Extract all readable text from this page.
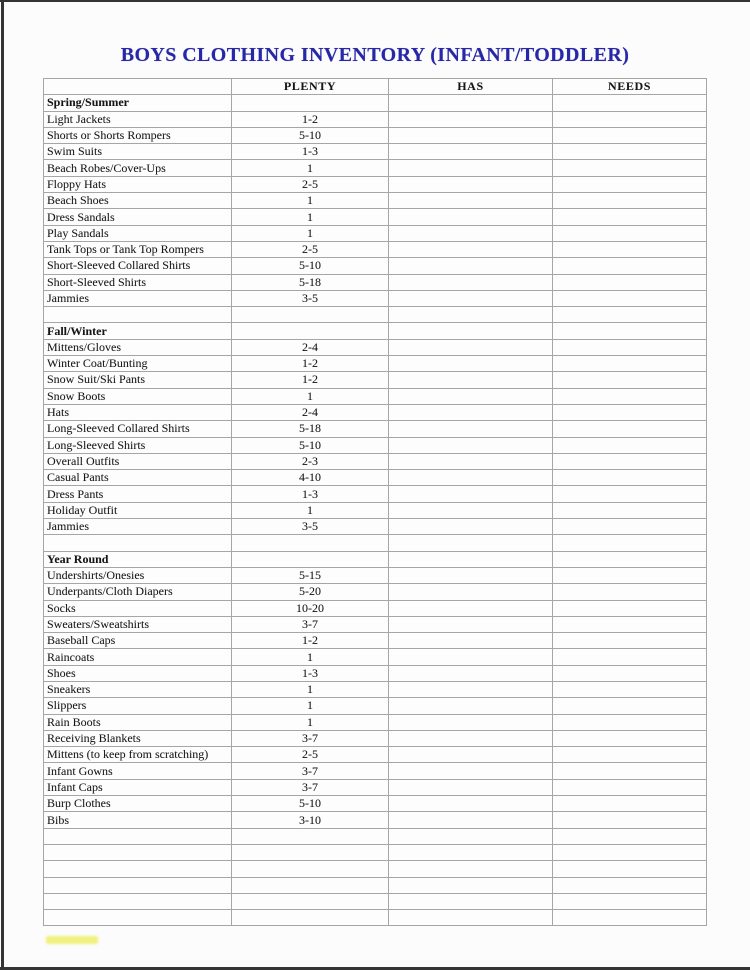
BOYS CLOTHING INVENTORY (INFANT/TODDLER)
	PLENTY	HAS	NEEDS
Spring/Summer			
Light Jackets	1-2		
Shorts or Shorts Rompers	5-10		
Swim Suits	1-3		
Beach Robes/Cover-Ups	1		
Floppy Hats	2-5		
Beach Shoes	1		
Dress Sandals	1		
Play Sandals	1		
Tank Tops or Tank Top Rompers	2-5		
Short-Sleeved Collared Shirts	5-10		
Short-Sleeved Shirts	5-18		
Jammies	3-5		

Fall/Winter			
Mittens/Gloves	2-4		
Winter Coat/Bunting	1-2		
Snow Suit/Ski Pants	1-2		
Snow Boots	1		
Hats	2-4		
Long-Sleeved Collared Shirts	5-18		
Long-Sleeved Shirts	5-10		
Overall Outfits	2-3		
Casual Pants	4-10		
Dress Pants	1-3		
Holiday Outfit	1		
Jammies	3-5		

Year Round			
Undershirts/Onesies	5-15		
Underpants/Cloth Diapers	5-20		
Socks	10-20		
Sweaters/Sweatshirts	3-7		
Baseball Caps	1-2		
Raincoats	1		
Shoes	1-3		
Sneakers	1		
Slippers	1		
Rain Boots	1		
Receiving Blankets	3-7		
Mittens (to keep from scratching)	2-5		
Infant Gowns	3-7		
Infant Caps	3-7		
Burp Clothes	5-10		
Bibs	3-10		
